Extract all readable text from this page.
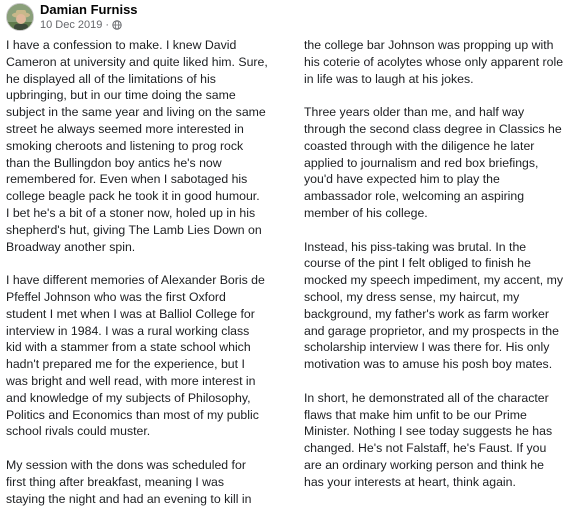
Damian Furniss
10 Dec 2019 ·

I have a confession to make. I knew David
Cameron at university and quite liked him. Sure,
he displayed all of the limitations of his
upbringing, but in our time doing the same
subject in the same year and living on the same
street he always seemed more interested in
smoking cheroots and listening to prog rock
than the Bullingdon boy antics he's now
remembered for. Even when I sabotaged his
college beagle pack he took it in good humour.
I bet he's a bit of a stoner now, holed up in his
shepherd's hut, giving The Lamb Lies Down on
Broadway another spin.

I have different memories of Alexander Boris de
Pfeffel Johnson who was the first Oxford
student I met when I was at Balliol College for
interview in 1984. I was a rural working class
kid with a stammer from a state school which
hadn't prepared me for the experience, but I
was bright and well read, with more interest in
and knowledge of my subjects of Philosophy,
Politics and Economics than most of my public
school rivals could muster.

My session with the dons was scheduled for
first thing after breakfast, meaning I was
staying the night and had an evening to kill in

the college bar Johnson was propping up with
his coterie of acolytes whose only apparent role
in life was to laugh at his jokes.

Three years older than me, and half way
through the second class degree in Classics he
coasted through with the diligence he later
applied to journalism and red box briefings,
you'd have expected him to play the
ambassador role, welcoming an aspiring
member of his college.

Instead, his piss-taking was brutal. In the
course of the pint I felt obliged to finish he
mocked my speech impediment, my accent, my
school, my dress sense, my haircut, my
background, my father's work as farm worker
and garage proprietor, and my prospects in the
scholarship interview I was there for. His only
motivation was to amuse his posh boy mates.

In short, he demonstrated all of the character
flaws that make him unfit to be our Prime
Minister. Nothing I see today suggests he has
changed. He's not Falstaff, he's Faust. If you
are an ordinary working person and think he
has your interests at heart, think again.
